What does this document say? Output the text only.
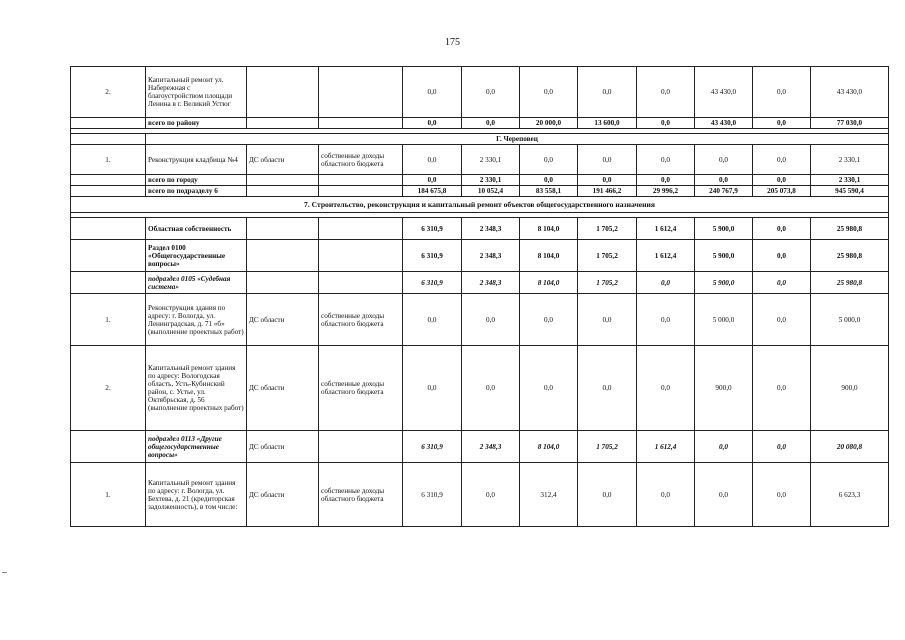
175
2.	Капитальный ремонт ул. Набережная с благоустройством площади Ленина в г. Великий Устюг			0,0	0,0	0,0	0,0	0,0	43 430,0	0,0	43 430,0
	всего по району			0,0	0,0	20 000,0	13 600,0	0,0	43 430,0	0,0	77 030,0

	Г. Череповец										
1.	Реконструкция кладбища №4	ДС области	собственные доходы областного бюджета	0,0	2 330,1	0,0	0,0	0,0	0,0	0,0	2 330,1
	всего по городу			0,0	2 330,1	0,0	0,0	0,0	0,0	0,0	2 330,1
	всего по подразделу 6			184 675,8	10 052,4	83 558,1	191 466,2	29 996,2	240 767,9	205 073,8	945 590,4
7. Строительство, реконструкция и капитальный ремонт объектов общегосударственного назначения											

	Областная собственность			6 310,9	2 348,3	8 104,0	1 705,2	1 612,4	5 900,0	0,0	25 980,8
	Раздел 0100 «Общегосударственные вопросы»			6 310,9	2 348,3	8 104,0	1 705,2	1 612,4	5 900,0	0,0	25 980,8
	подраздел 0105 «Судебная система»			6 310,9	2 348,3	8 104,0	1 705,2	0,0	5 900,0	0,0	25 980,8
1.	Реконструкция здания по адресу: г. Вологда, ул. Ленинградская, д. 71 «б» (выполнение проектных работ)	ДС области	собственные доходы областного бюджета	0,0	0,0	0,0	0,0	0,0	5 000,0	0,0	5 000,0
2.	Капитальный ремонт здания по адресу: Вологодская область, Усть-Кубинский район, с. Устье, ул. Октябрьская, д. 56 (выполнение проектных работ)	ДС области	собственные доходы областного бюджета	0,0	0,0	0,0	0,0	0,0	900,0	0,0	900,0
	подраздел 0113 «Другие общегосударственные вопросы»	ДС области		6 310,9	2 348,3	8 104,0	1 705,2	1 612,4	0,0	0,0	20 080,8
1.	Капитальный ремонт здания по адресу: г. Вологда, ул. Бехтева, д. 21 (кредиторская задолженность), в том числе:	ДС области	собственные доходы областного бюджета	6 310,9	0,0	312,4	0,0	0,0	0,0	0,0	6 623,3
